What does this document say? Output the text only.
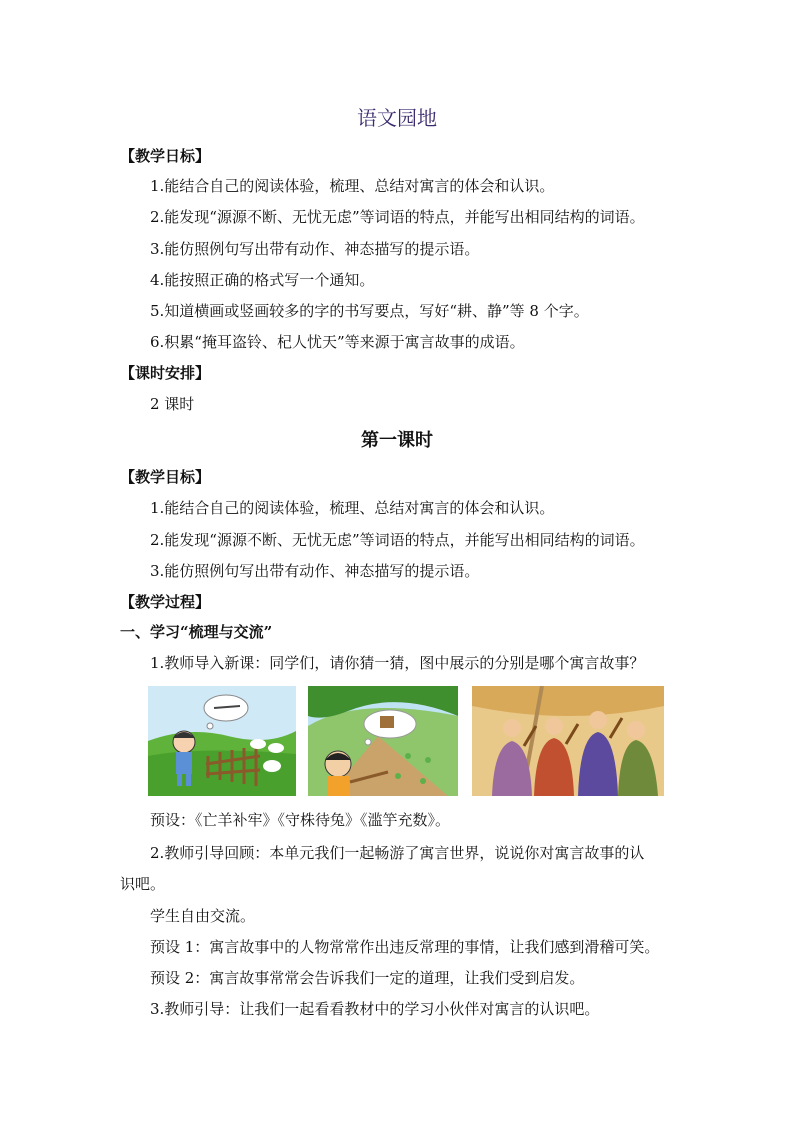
语文园地
【教学日标】
1.能结合自己的阅读体验，梳理、总结对寓言的体会和认识。
2.能发现“源源不断、无忧无虑”等词语的特点，并能写出相同结构的词语。
3.能仿照例句写出带有动作、神态描写的提示语。
4.能按照正确的格式写一个通知。
5.知道横画或竖画较多的字的书写要点，写好“耕、静”等 8 个字。
6.积累“掩耳盗铃、杞人忧天”等来源于寓言故事的成语。
【课时安排】
2 课时
第一课时
【教学目标】
1.能结合自己的阅读体验，梳理、总结对寓言的体会和认识。
2.能发现“源源不断、无忧无虑”等词语的特点，并能写出相同结构的词语。
3.能仿照例句写出带有动作、神态描写的提示语。
【教学过程】
一、学习“梳理与交流”
1.教师导入新课：同学们，请你猜一猜，图中展示的分别是哪个寓言故事？
预设：《亡羊补牢》《守株待兔》《滥竽充数》。
2.教师引导回顾：本单元我们一起畅游了寓言世界，说说你对寓言故事的认
识吧。
学生自由交流。
预设 1：寓言故事中的人物常常作出违反常理的事情，让我们感到滑稽可笑。
预设 2：寓言故事常常会告诉我们一定的道理，让我们受到启发。
3.教师引导：让我们一起看看教材中的学习小伙伴对寓言的认识吧。
